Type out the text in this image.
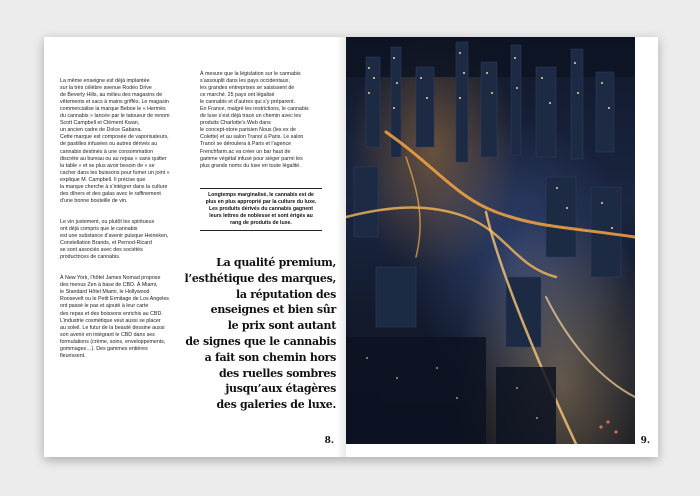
La même enseigne est déjà implantée
sur la très célèbre avenue Rodéo Drive
de Beverly Hills, au milieu des magasins de
vêtements et sacs à mains griffés. Le magasin
commercialise la marque Beboe le « Hermès
du cannabis » lancée par le tatoueur de renom
Scott Campbell et Clément Kwan,
un ancien cadre de Dolce Gabana.
Cette marque est composée de vaporisateurs,
de pastilles infusées ou autres dérivés au
cannabis destinés à une consommation
discrète au bureau ou au repas « sans quitter
la table » et se plus avoir besoin de « se
cacher dans les buissons pour fumer un joint »
explique M. Campbell. Il précise que
la marque cherche à s’intégrer dans la culture
des dîners et des galas avec le raffinement
d’une bonne bouteille de vin.

Le vin justement, ou plutôt les spiritueux
ont déjà compris que le cannabis
est une substance d’avenir puisque Heineken,
Constellation Brands, et Pernod-Ricard
se sont associés avec des sociétés
productrices de cannabis.

À New York, l’hôtel James Nomad propose
des menus Zen à base de CBD. À Miami,
le Standard Hôtel Miami, le Hollywood
Roosevelt ou le Petit Ermitage de Los Angeles
ont passé le pas et ajouté à leur carte
des repas et des boissons enrichis au CBD.
L’industrie cosmétique veut aussi se placer
au soleil. Le futur de la beauté dessine aussi
son avenir en intégrant le CBD dans ses
formulations (crème, soins, enveloppements,
gommages…). Des gammes entières
fleurissent.

À mesure que la législation sur le cannabis
s’assouplit dans les pays occidentaux,
les grandes entreprises se saisissent de
ce marché. 25 pays ont légalisé
le cannabis et d’autres qui s’y préparent.
En France, malgré les restrictions, le cannabis
de luxe s’est déjà tracé un chemin avec les
produits Charlotte’s Web dans
le concept-store parisien Nous (les ex de
Colette) et au salon Tranoï à Paris. Le salon
Tranoï se déroulera à Paris et l’agence
Frenchfarm.ac va créer un bar haut de
gamme végétal infusé pour siéger parmi les
plus grands noms du luxe en toute légalité.
Longtemps marginalisé, le cannabis est de
plus en plus approprié par la culture du luxe.
Les produits dérivés du cannabis gagnent
leurs lettres de noblesse et sont érigés au
rang de produits de luxe.
La qualité premium,
l’esthétique des marques,
la réputation des
enseignes et bien sûr
le prix sont autant
de signes que le cannabis
a fait son chemin hors
des ruelles sombres
jusqu’aux étagères
des galeries de luxe.
8.	9.
